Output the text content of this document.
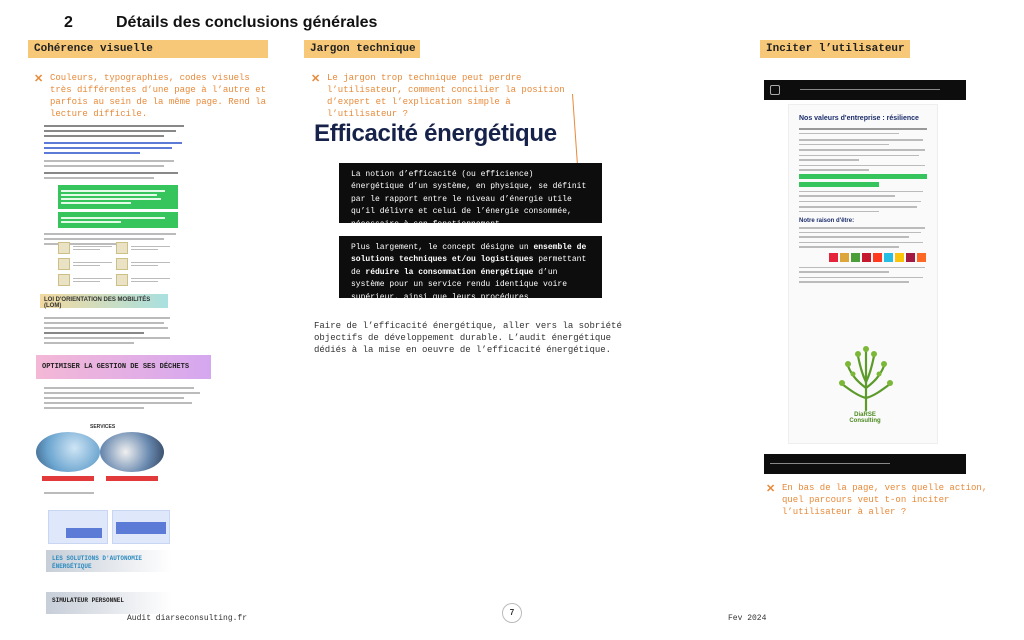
2	Détails des conclusions générales
Cohérence visuelle	Jargon technique	Inciter l’utilisateur
✕ Couleurs, typographies, codes visuels très différentes d’une page à l’autre et parfois au sein de la même page. Rend la lecture difficile.
✕ Le jargon trop technique peut perdre l’utilisateur, comment concilier la position d’expert et l’explication simple à l’utilisateur ?
✕ En bas de la page, vers quelle action, quel parcours veut t-on inciter l’utilisateur à aller ?
LOI D'ORIENTATION DES MOBILITÉS (LOM)
OPTIMISER LA GESTION DE SES DÉCHETS
SERVICES
LES SOLUTIONS D'AUTONOMIE ÉNERGÉTIQUE
SIMULATEUR PERSONNEL
Efficacité énergétique
La notion d’efficacité (ou efficience) énergétique d’un système, en physique, se définit par le rapport entre le niveau d’énergie utile qu’il délivre et celui de l’énergie consommée, nécessaire à son fonctionnement.
Plus largement, le concept désigne un ensemble de solutions techniques et/ou logistiques permettant de réduire la consommation énergétique d’un système pour un service rendu identique voire supérieur, ainsi que leurs procédures d’évaluation.
Faire de l’efficacité énergétique, aller vers la sobriété objectifs de développement durable. L’audit énergétique dédiés à la mise en oeuvre de l’efficacité énergétique.
Nos valeurs d'entreprise : résilience
Notre raison d'être:
DiaRSE Consulting
Audit diarseconsulting.fr
7
Fev 2024
